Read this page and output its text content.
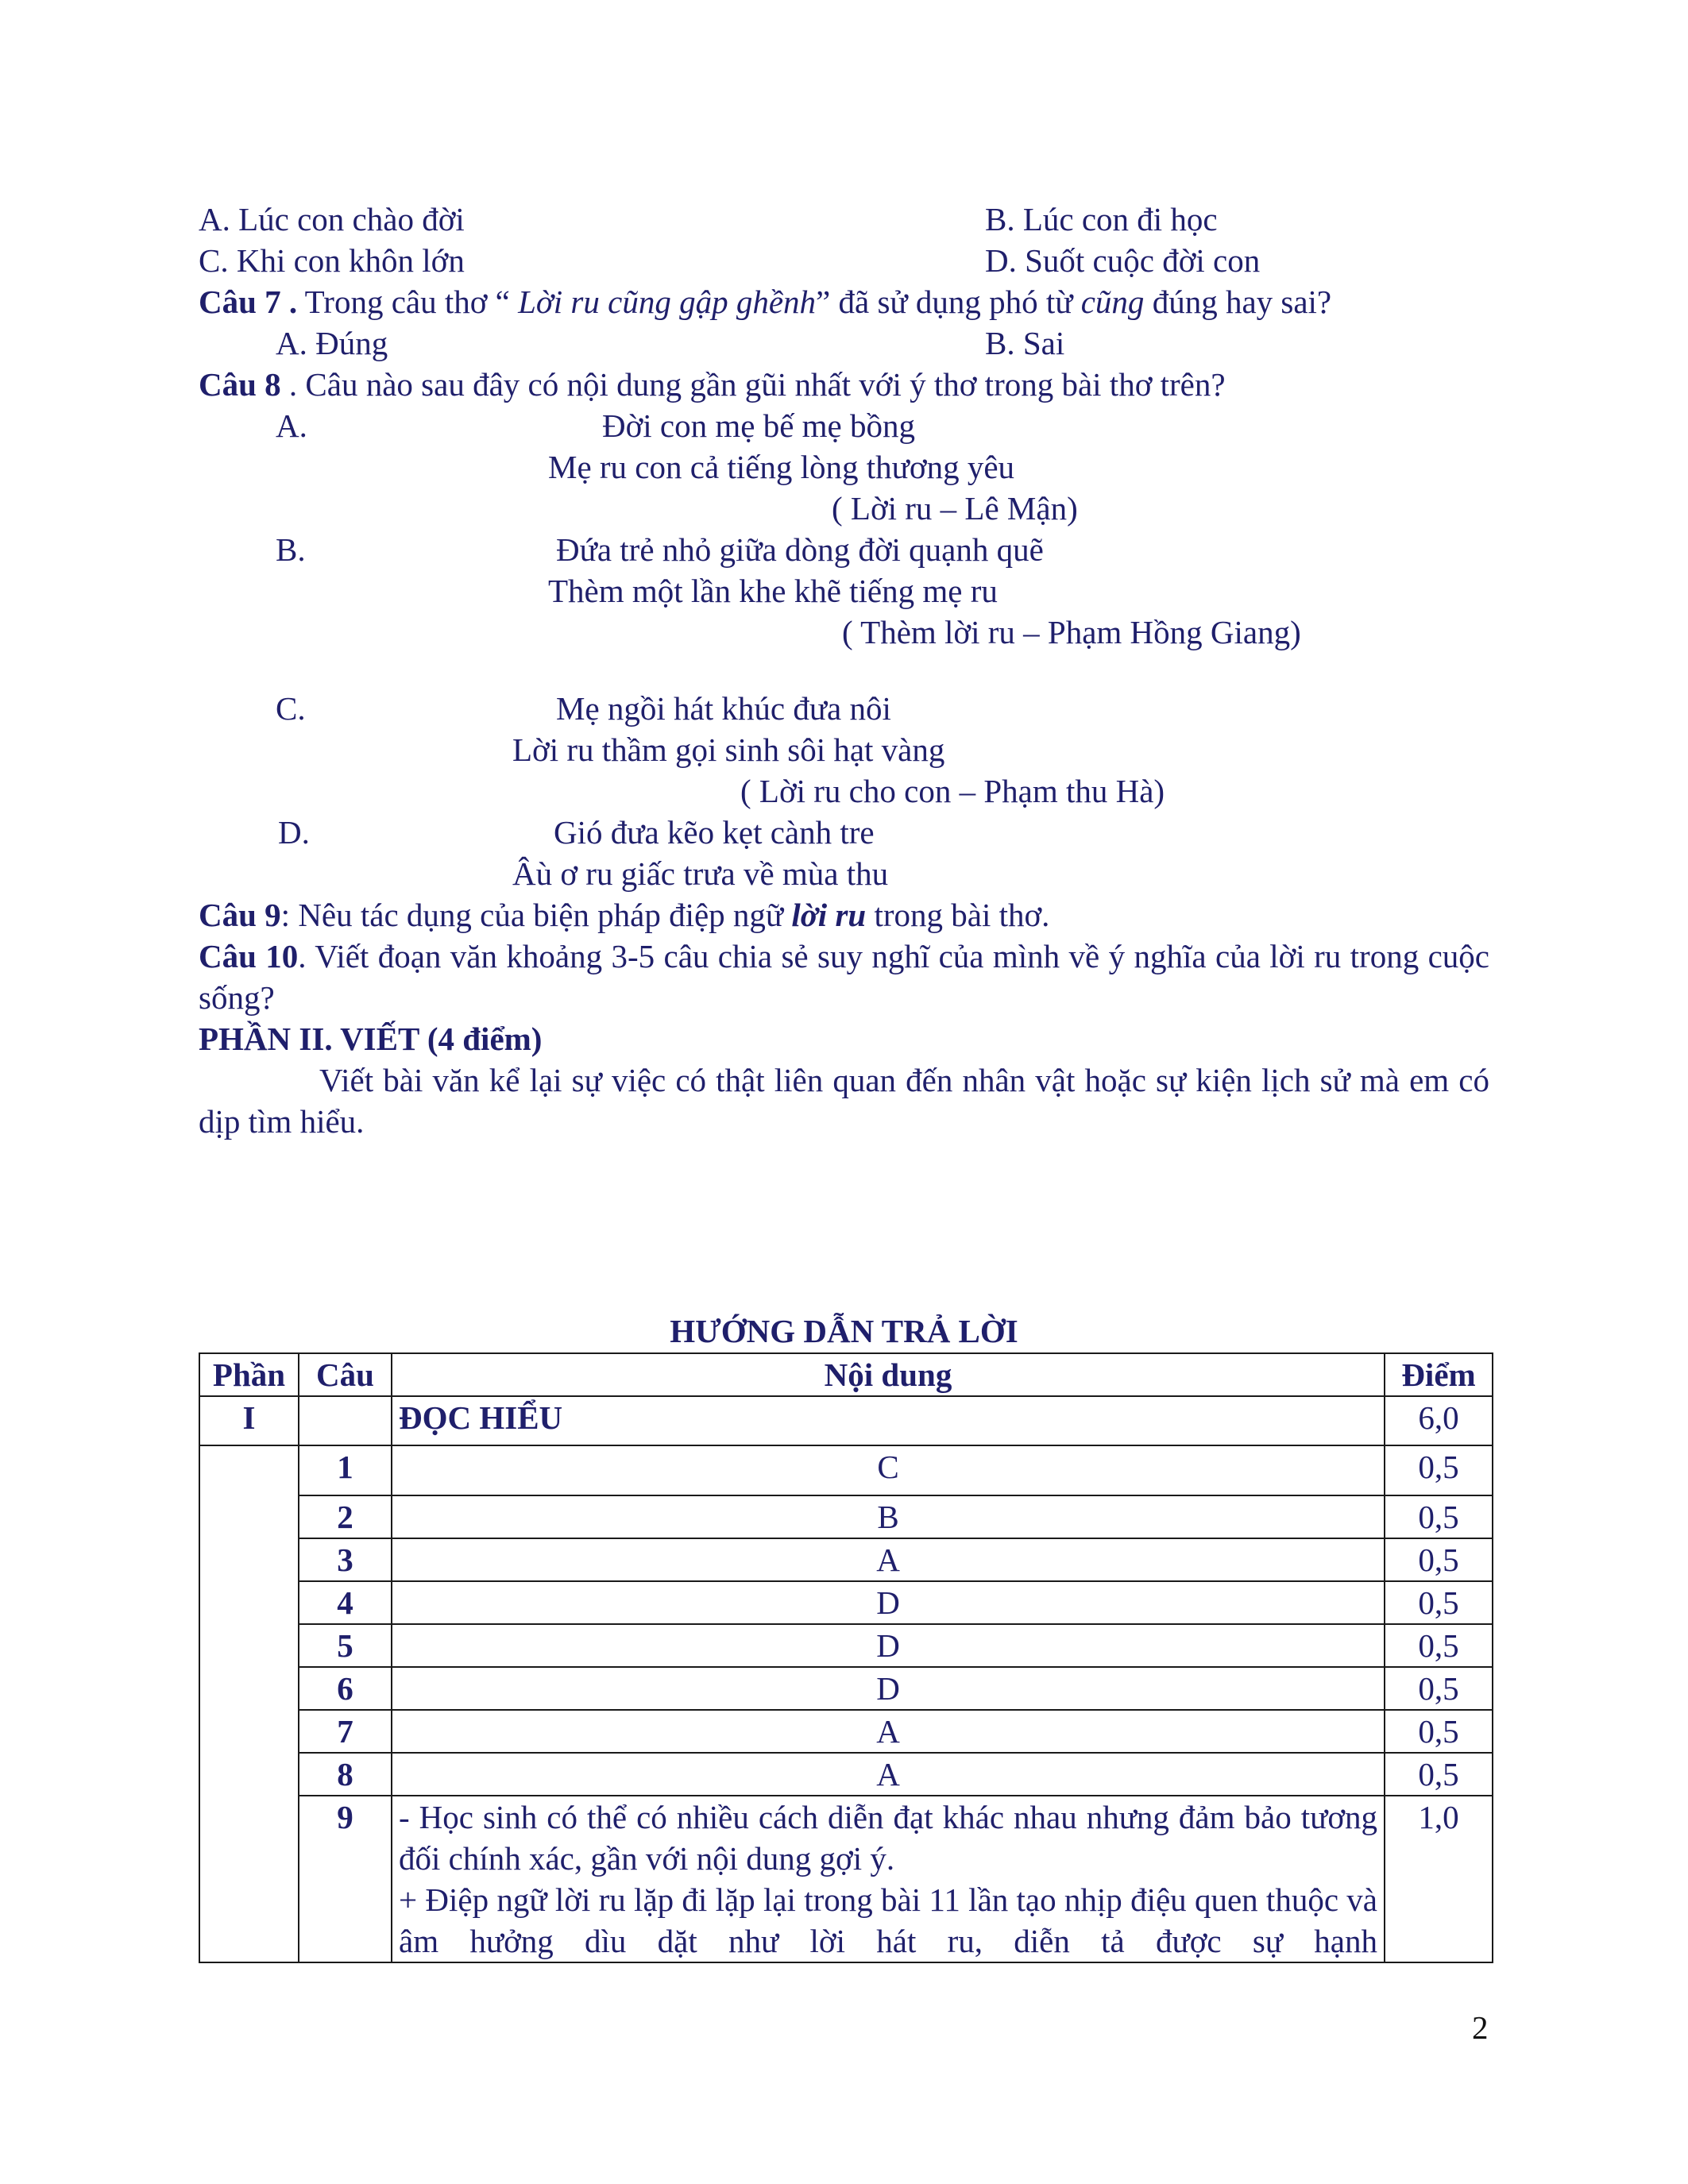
A. Lúc con chào đời	B. Lúc con đi học
C. Khi con khôn lớn	D. Suốt cuộc đời con
Câu 7 . Trong câu thơ “ Lời ru cũng gập ghềnh” đã sử dụng phó từ cũng đúng hay sai?
A. Đúng	B. Sai
Câu 8 . Câu nào sau đây có nội dung gần gũi nhất với ý thơ trong bài thơ trên?
A.	Đời con mẹ bế mẹ bồng
Mẹ ru con cả tiếng lòng thương yêu
( Lời ru – Lê Mận)
B.	Đứa trẻ nhỏ giữa dòng đời quạnh quẽ
Thèm một lần khe khẽ tiếng mẹ ru
( Thèm lời ru – Phạm Hồng Giang)
C.	Mẹ ngồi hát khúc đưa nôi
Lời ru thầm gọi sinh sôi hạt vàng
( Lời ru cho con – Phạm thu Hà)
D.	Gió đưa kẽo kẹt cành tre
Âù ơ ru giấc trưa về mùa thu
Câu 9: Nêu tác dụng của biện pháp điệp ngữ lời ru trong bài thơ.
Câu 10. Viết đoạn văn khoảng 3-5 câu chia sẻ suy nghĩ của mình về ý nghĩa của lời ru trong cuộc sống?
PHẦN II. VIẾT (4 điểm)
Viết bài văn kể lại sự việc có thật liên quan đến nhân vật hoặc sự kiện lịch sử mà em có dịp tìm hiểu.
HƯỚNG DẪN TRẢ LỜI
Phần	Câu	Nội dung	Điểm
I		ĐỌC HIỂU	6,0
	1	C	0,5
	2	B	0,5
	3	A	0,5
	4	D	0,5
	5	D	0,5
	6	D	0,5
	7	A	0,5
	8	A	0,5
	9	- Học sinh có thể có nhiều cách diễn đạt khác nhau nhưng đảm bảo tương đối chính xác, gần với nội dung gợi ý.
+ Điệp ngữ lời ru lặp đi lặp lại trong bài 11 lần tạo nhịp điệu quen thuộc và âm hưởng dìu dặt như lời hát ru, diễn tả được sự hạnh	1,0
2
